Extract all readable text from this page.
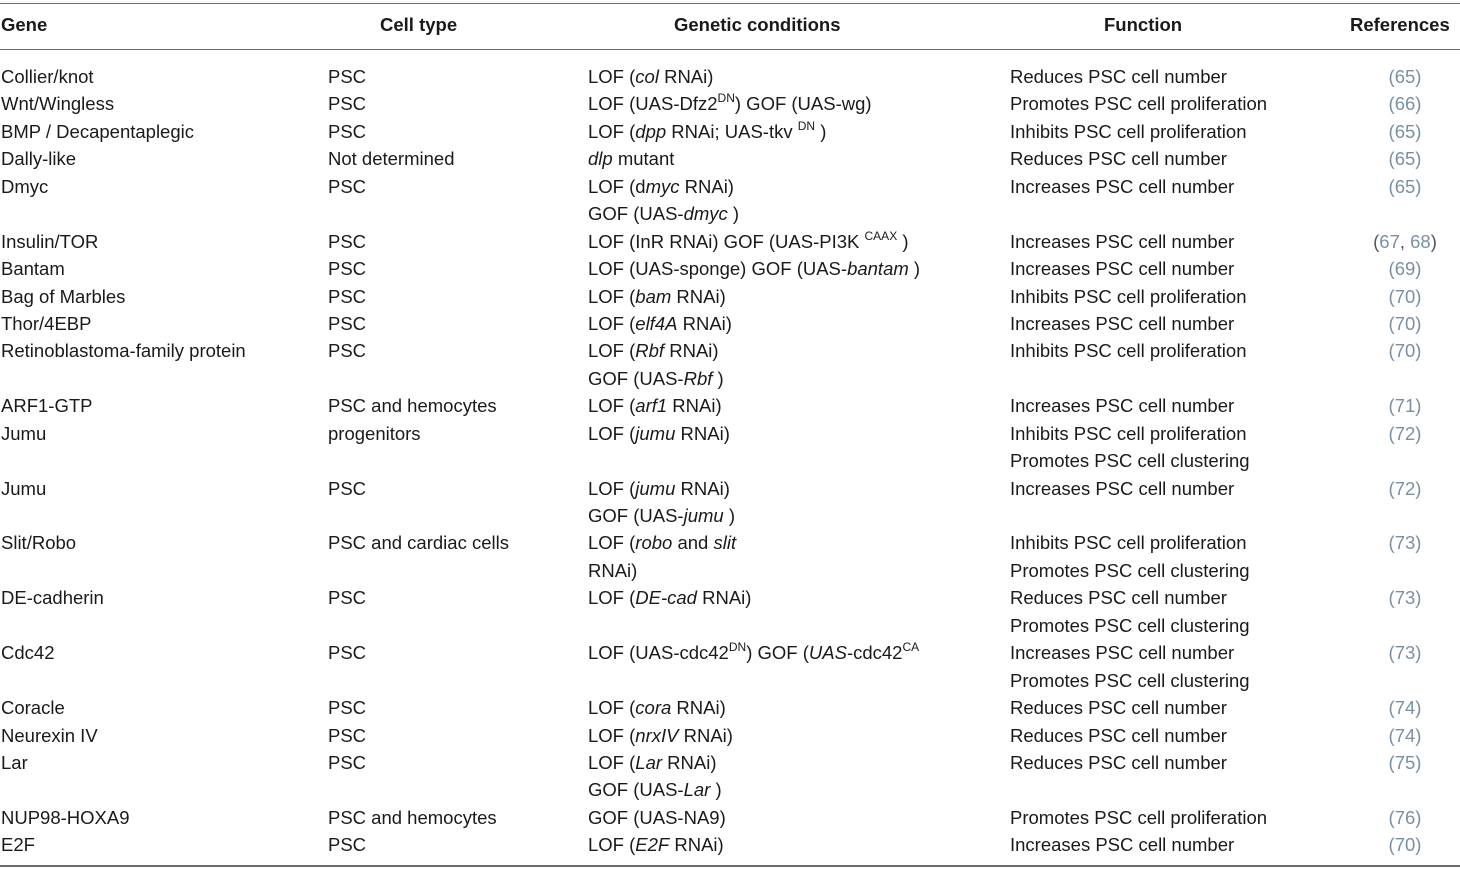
Gene	Cell type	Genetic conditions	Function	References
Collier/knot	PSC	LOF (col RNAi)	Reduces PSC cell number	(65)
Wnt/Wingless	PSC	LOF $(UAS-Dfz2^{DN})$ GOF (UAS-wg)	Promotes PSC cell proliferation	(66)
BMP / Decapentaplegic	PSC	LOF (dpp RNAi; UAS-tkv $^{DN}$ )	Inhibits PSC cell proliferation	(65)
Dally-like	Not determined	dlp mutant	Reduces PSC cell number	(65)
Dmyc	PSC	LOF (dmyc RNAi)	Increases PSC cell number	(65)
GOF (UAS-dmyc )
Insulin/TOR	PSC	LOF (InR RNAi) GOF (UAS-PI3K $^{CAAX}$ )	Increases PSC cell number	(67, 68)
Bantam	PSC	LOF (UAS-sponge) GOF (UAS-bantam )	Increases PSC cell number	(69)
Bag of Marbles	PSC	LOF (bam RNAi)	Inhibits PSC cell proliferation	(70)
Thor/4EBP	PSC	LOF (elf4A RNAi)	Increases PSC cell number	(70)
Retinoblastoma-family protein	PSC	LOF (Rbf RNAi)	Inhibits PSC cell proliferation	(70)
GOF (UAS-Rbf )
ARF1-GTP	PSC and hemocytes	LOF (arf1 RNAi)	Increases PSC cell number	(71)
Jumu	progenitors	LOF (jumu RNAi)	Inhibits PSC cell proliferation	(72)
Promotes PSC cell clustering
Jumu	PSC	LOF (jumu RNAi)	Increases PSC cell number	(72)
GOF (UAS-jumu )
Slit/Robo	PSC and cardiac cells	LOF (robo and slit	Inhibits PSC cell proliferation	(73)
RNAi)	Promotes PSC cell clustering
DE-cadherin	PSC	LOF (DE-cad RNAi)	Reduces PSC cell number	(73)
Promotes PSC cell clustering
Cdc42	PSC	LOF $(UAS-cdc42^{DN})$ GOF ($UAS-cdc42^{CA}$	Increases PSC cell number	(73)
Promotes PSC cell clustering
Coracle	PSC	LOF (cora RNAi)	Reduces PSC cell number	(74)
Neurexin IV	PSC	LOF (nrxIV RNAi)	Reduces PSC cell number	(74)
Lar	PSC	LOF (Lar RNAi)	Reduces PSC cell number	(75)
GOF (UAS-Lar )
NUP98-HOXA9	PSC and hemocytes	GOF (UAS-NA9)	Promotes PSC cell proliferation	(76)
E2F	PSC	LOF (E2F RNAi)	Increases PSC cell number	(70)
